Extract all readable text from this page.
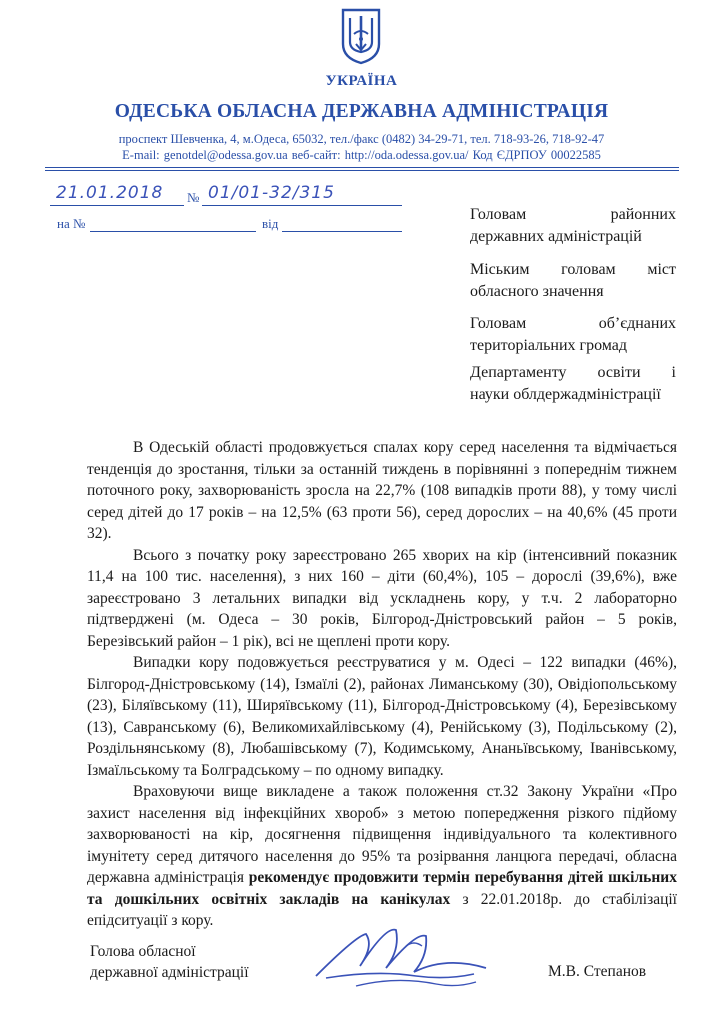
УКРАЇНА
ОДЕСЬКА ОБЛАСНА ДЕРЖАВНА АДМІНІСТРАЦІЯ
проспект Шевченка, 4, м.Одеса, 65032, тел./факс (0482) 34-29-71, тел. 718-93-26, 718-92-47
E-mail: genotdel@odessa.gov.ua веб-сайт: http://oda.odessa.gov.ua/ Код ЄДРПОУ 00022585
21.01.2018 № 01/01-32/315
на №	від
Головам	районних
державних адміністрацій
Міським головам міст
обласного значення
Головам	об’єднаних
територіальних громад
Департаменту освіти і
науки облдержадміністрації

В Одеській області продовжується спалах кору серед населення та відмічається тенденція до зростання, тільки за останній тиждень в порівнянні з попереднім тижнем поточного року, захворюваність зросла на 22,7% (108 випадків проти 88), у тому числі серед дітей до 17 років – на 12,5% (63 проти 56), серед дорослих – на 40,6% (45 проти 32).

Всього з початку року зареєстровано 265 хворих на кір (інтенсивний показник 11,4 на 100 тис. населення), з них 160 – діти (60,4%), 105 – дорослі (39,6%), вже зареєстровано 3 летальних випадки від ускладнень кору, у т.ч. 2 лабораторно підтверджені (м. Одеса – 30 років, Білгород-Дністровський район – 5 років, Березівський район – 1 рік), всі не щеплені проти кору.

Випадки кору подовжується реєструватися у м. Одесі – 122 випадки (46%), Білгород-Дністровському (14), Ізмаїлі (2), районах Лиманському (30), Овідіопольському (23), Біляївському (11), Ширяївському (11), Білгород-Дністровському (4), Березівському (13), Савранському (6), Великомихайлівському (4), Ренійському (3), Подільському (2), Роздільнянському (8), Любашівському (7), Кодимському, Ананьївському, Іванівському, Ізмаїльському та Болградському – по одному випадку.

Враховуючи вище викладене а також положення ст.32 Закону України «Про захист населення від інфекційних хвороб» з метою попередження різкого підйому захворюваності на кір, досягнення підвищення індивідуального та колективного імунітету серед дитячого населення до 95% та розірвання ланцюга передачі, обласна державна адміністрація рекомендує продовжити термін перебування дітей шкільних та дошкільних освітніх закладів на канікулах з 22.01.2018р. до стабілізації епідситуації з кору.

Голова обласної
державної адміністрації	М.В. Степанов
